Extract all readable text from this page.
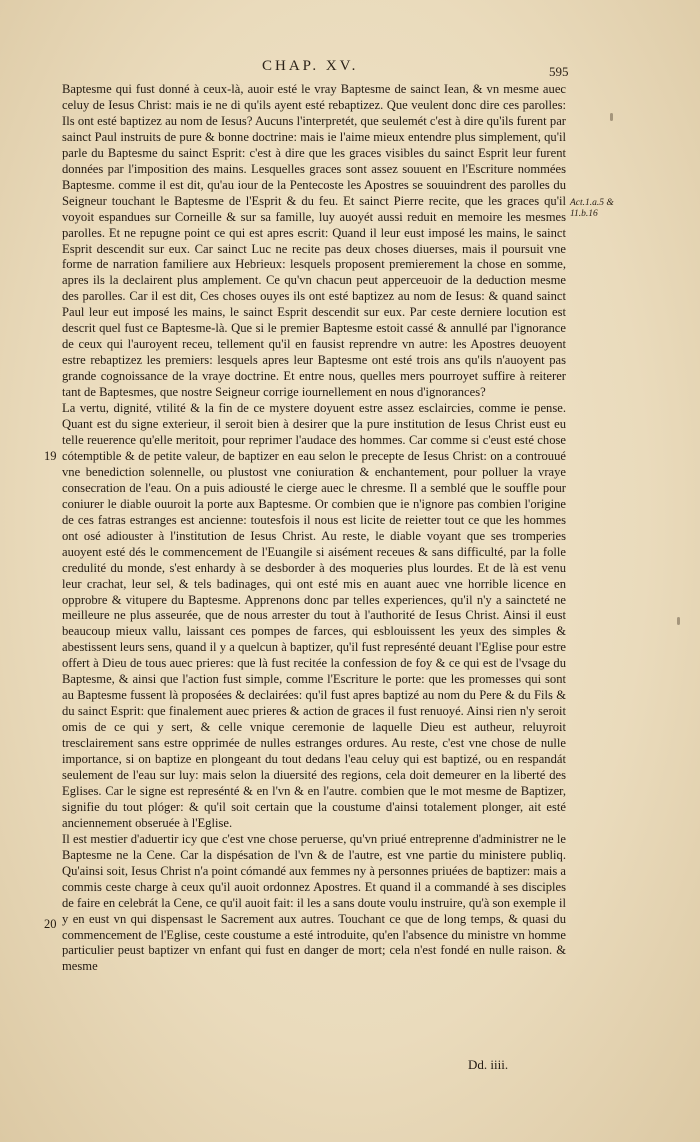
CHAP. XV.	595
Act.1.a.5 & 11.b.16
19
20

Baptesme qui fust donné à ceux-là, auoir esté le vray Baptesme de sainct Iean, & vn mesme auec celuy de Iesus Christ: mais ie ne di qu'ils ayent esté rebaptizez. Que veulent donc dire ces parolles: Ils ont esté baptizez au nom de Iesus? Aucuns l'interpretét, que seulemét c'est à dire qu'ils furent par sainct Paul instruits de pure & bonne doctrine: mais ie l'aime mieux entendre plus simplement, qu'il parle du Baptesme du sainct Esprit: c'est à dire que les graces visibles du sainct Esprit leur furent données par l'imposition des mains. Lesquelles graces sont assez souuent en l'Escriture nommées Baptesme. comme il est dit, qu'au iour de la Pentecoste les Apostres se souuindrent des parolles du Seigneur touchant le Baptesme de l'Esprit & du feu. Et sainct Pierre recite, que les graces qu'il voyoit espandues sur Corneille & sur sa famille, luy auoyét aussi reduit en memoire les mesmes parolles. Et ne repugne point ce qui est apres escrit: Quand il leur eust imposé les mains, le sainct Esprit descendit sur eux. Car sainct Luc ne recite pas deux choses diuerses, mais il poursuit vne forme de narration familiere aux Hebrieux: lesquels proposent premierement la chose en somme, apres ils la declairent plus amplement. Ce qu'vn chacun peut apperceuoir de la deduction mesme des parolles. Car il est dit, Ces choses ouyes ils ont esté baptizez au nom de Iesus: & quand sainct Paul leur eut imposé les mains, le sainct Esprit descendit sur eux. Par ceste derniere locution est descrit quel fust ce Baptesme-là. Que si le premier Baptesme estoit cassé & annullé par l'ignorance de ceux qui l'auroyent receu, tellement qu'il en fausist reprendre vn autre: les Apostres deuoyent estre rebaptizez les premiers: lesquels apres leur Baptesme ont esté trois ans qu'ils n'auoyent pas grande cognoissance de la vraye doctrine. Et entre nous, quelles mers pourroyet suffire à reiterer tant de Baptesmes, que nostre Seigneur corrige iournellement en nous d'ignorances?

La vertu, dignité, vtilité & la fin de ce mystere doyuent estre assez esclaircies, comme ie pense. Quant est du signe exterieur, il seroit bien à desirer que la pure institution de Iesus Christ eust eu telle reuerence qu'elle meritoit, pour reprimer l'audace des hommes. Car comme si c'eust esté chose cótemptible & de petite valeur, de baptizer en eau selon le precepte de Iesus Christ: on a controuué vne benediction solennelle, ou plustost vne coniuration & enchantement, pour polluer la vraye consecration de l'eau. On a puis adiousté le cierge auec le chresme. Il a semblé que le souffle pour coniurer le diable ouuroit la porte aux Baptesme. Or combien que ie n'ignore pas combien l'origine de ces fatras estranges est ancienne: toutesfois il nous est licite de reietter tout ce que les hommes ont osé adiouster à l'institution de Iesus Christ. Au reste, le diable voyant que ses tromperies auoyent esté dés le commencement de l'Euangile si aisément receues & sans difficulté, par la folle credulité du monde, s'est enhardy à se desborder à des moqueries plus lourdes. Et de là est venu leur crachat, leur sel, & tels badinages, qui ont esté mis en auant auec vne horrible licence en opprobre & vitupere du Baptesme. Apprenons donc par telles experiences, qu'il n'y a saincteté ne meilleure ne plus asseurée, que de nous arrester du tout à l'authorité de Iesus Christ. Ainsi il eust beaucoup mieux vallu, laissant ces pompes de farces, qui esblouissent les yeux des simples & abestissent leurs sens, quand il y a quelcun à baptizer, qu'il fust represénté deuant l'Eglise pour estre offert à Dieu de tous auec prieres: que là fust recitée la confession de foy & ce qui est de l'vsage du Baptesme, & ainsi que l'action fust simple, comme l'Escriture le porte: que les promesses qui sont au Baptesme fussent là proposées & declairées: qu'il fust apres baptizé au nom du Pere & du Fils & du sainct Esprit: que finalement auec prieres & action de graces il fust renuoyé. Ainsi rien n'y seroit omis de ce qui y sert, & celle vnique ceremonie de laquelle Dieu est autheur, reluyroit tresclairement sans estre opprimée de nulles estranges ordures. Au reste, c'est vne chose de nulle importance, si on baptize en plongeant du tout dedans l'eau celuy qui est baptizé, ou en respandát seulement de l'eau sur luy: mais selon la diuersité des regions, cela doit demeurer en la liberté des Eglises. Car le signe est represénté & en l'vn & en l'autre. combien que le mot mesme de Baptizer, signifie du tout plóger: & qu'il soit certain que la coustume d'ainsi totalement plonger, ait esté anciennement obseruée à l'Eglise.

Il est mestier d'aduertir icy que c'est vne chose peruerse, qu'vn priué entreprenne d'administrer ne le Baptesme ne la Cene. Car la dispésation de l'vn & de l'autre, est vne partie du ministere publiq. Qu'ainsi soit, Iesus Christ n'a point cómandé aux femmes ny à personnes priuées de baptizer: mais a commis ceste charge à ceux qu'il auoit ordonnez Apostres. Et quand il a commandé à ses disciples de faire en celebrát la Cene, ce qu'il auoit fait: il les a sans doute voulu instruire, qu'à son exemple il y en eust vn qui dispensast le Sacrement aux autres. Touchant ce que de long temps, & quasi du commencement de l'Eglise, ceste coustume a esté introduite, qu'en l'absence du ministre vn homme particulier peust baptizer vn enfant qui fust en danger de mort; cela n'est fondé en nulle raison. & mesme

Dd. iiii.
